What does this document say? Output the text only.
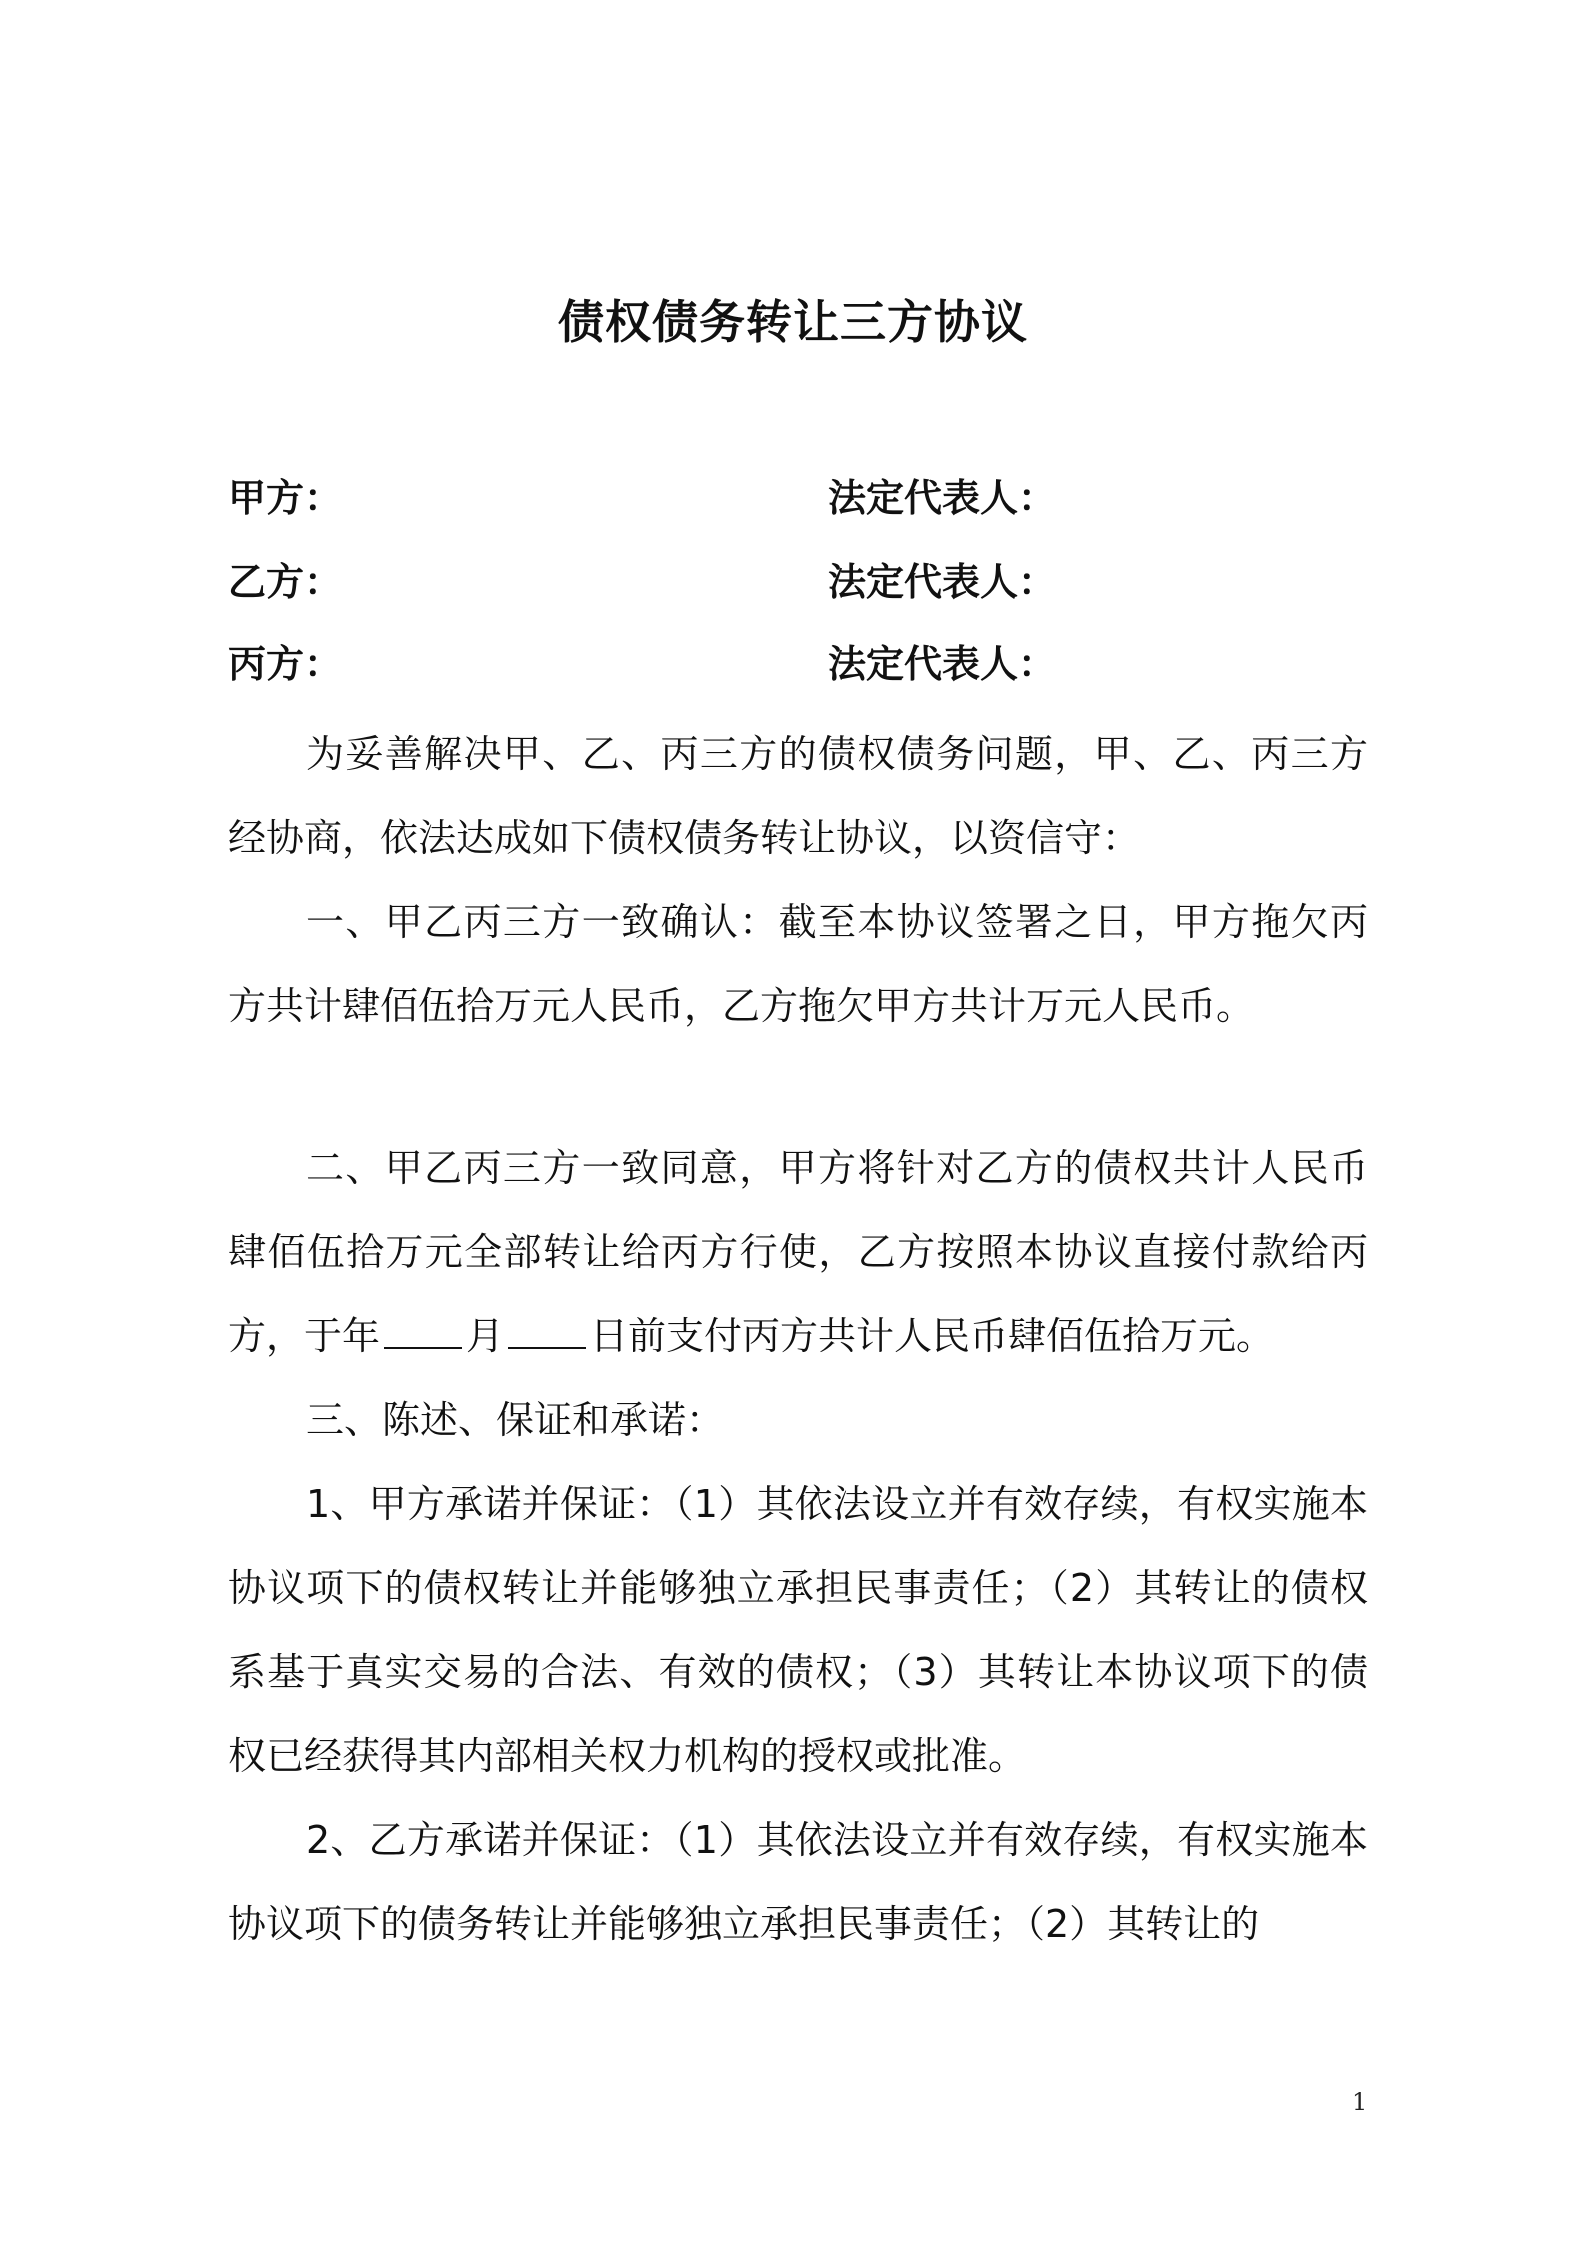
债权债务转让三方协议
甲方：	法定代表人：
乙方：	法定代表人：
丙方：	法定代表人：

为妥善解决甲、乙、丙三方的债权债务问题，甲、乙、丙三方经协商，依法达成如下债权债务转让协议，以资信守：

一、甲乙丙三方一致确认：截至本协议签署之日，甲方拖欠丙方共计肆佰伍拾万元人民币，乙方拖欠甲方共计万元人民币。

二、甲乙丙三方一致同意，甲方将针对乙方的债权共计人民币肆佰伍拾万元全部转让给丙方行使，乙方按照本协议直接付款给丙方，于年 月 日前支付丙方共计人民币肆佰伍拾万元。

三、陈述、保证和承诺：

1、甲方承诺并保证：（1）其依法设立并有效存续，有权实施本协议项下的债权转让并能够独立承担民事责任；（2）其转让的债权系基于真实交易的合法、有效的债权；（3）其转让本协议项下的债权已经获得其内部相关权力机构的授权或批准。

2、乙方承诺并保证：（1）其依法设立并有效存续，有权实施本协议项下的债务转让并能够独立承担民事责任；（2）其转让的

1
